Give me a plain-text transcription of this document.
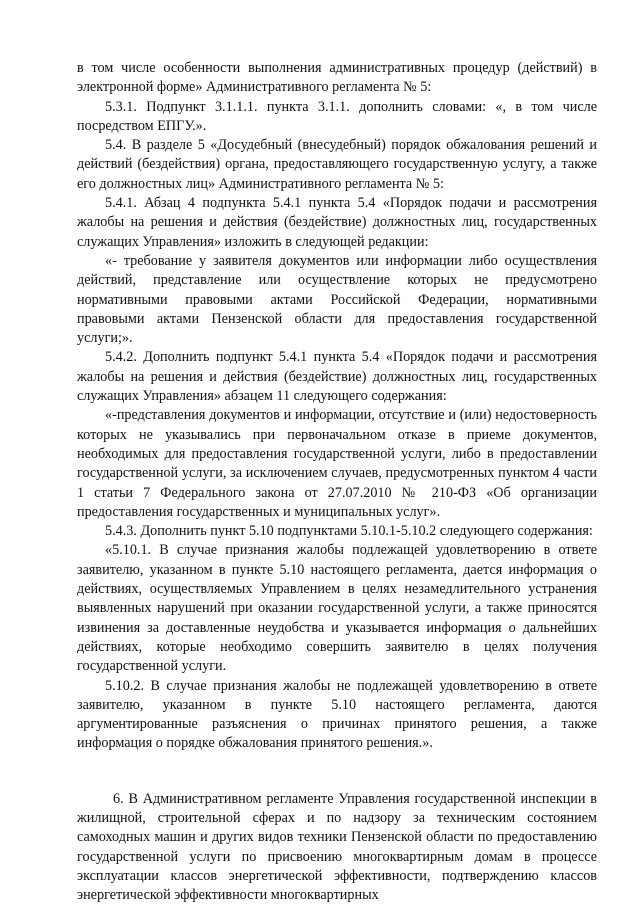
в том числе особенности выполнения административных процедур (действий) в электронной форме» Административного регламента № 5:

5.3.1. Подпункт 3.1.1.1. пункта 3.1.1. дополнить словами: «, в том числе посредством ЕПГУ.».

5.4. В разделе 5 «Досудебный (внесудебный) порядок обжалования решений и действий (бездействия) органа, предоставляющего государственную услугу, а также его должностных лиц» Административного регламента № 5:

5.4.1. Абзац 4 подпункта 5.4.1 пункта 5.4 «Порядок подачи и рассмотрения жалобы на решения и действия (бездействие) должностных лиц, государственных служащих Управления» изложить в следующей редакции:

«- требование у заявителя документов или информации либо осуществления действий, представление или осуществление которых не предусмотрено нормативными правовыми актами Российской Федерации, нормативными правовыми актами Пензенской области для предоставления государственной услуги;».

5.4.2. Дополнить подпункт 5.4.1 пункта 5.4 «Порядок подачи и рассмотрения жалобы на решения и действия (бездействие) должностных лиц, государственных служащих Управления» абзацем 11 следующего содержания:

«-представления документов и информации, отсутствие и (или) недостоверность которых не указывались при первоначальном отказе в приеме документов, необходимых для предоставления государственной услуги, либо в предоставлении государственной услуги, за исключением случаев, предусмотренных пунктом 4 части 1 статьи 7 Федерального закона от 27.07.2010 № 210-ФЗ «Об организации предоставления государственных и муниципальных услуг».

5.4.3. Дополнить пункт 5.10 подпунктами 5.10.1-5.10.2 следующего содержания:

«5.10.1. В случае признания жалобы подлежащей удовлетворению в ответе заявителю, указанном в пункте 5.10 настоящего регламента, дается информация о действиях, осуществляемых Управлением в целях незамедлительного устранения выявленных нарушений при оказании государственной услуги, а также приносятся извинения за доставленные неудобства и указывается информация о дальнейших действиях, которые необходимо совершить заявителю в целях получения государственной услуги.

5.10.2. В случае признания жалобы не подлежащей удовлетворению в ответе заявителю, указанном в пункте 5.10 настоящего регламента, даются аргументированные разъяснения о причинах принятого решения, а также информация о порядке обжалования принятого решения.».

6. В Административном регламенте Управления государственной инспекции в жилищной, строительной сферах и по надзору за техническим состоянием самоходных машин и других видов техники Пензенской области по предоставлению государственной услуги по присвоению многоквартирным домам в процессе эксплуатации классов энергетической эффективности, подтверждению классов энергетической эффективности многоквартирных
